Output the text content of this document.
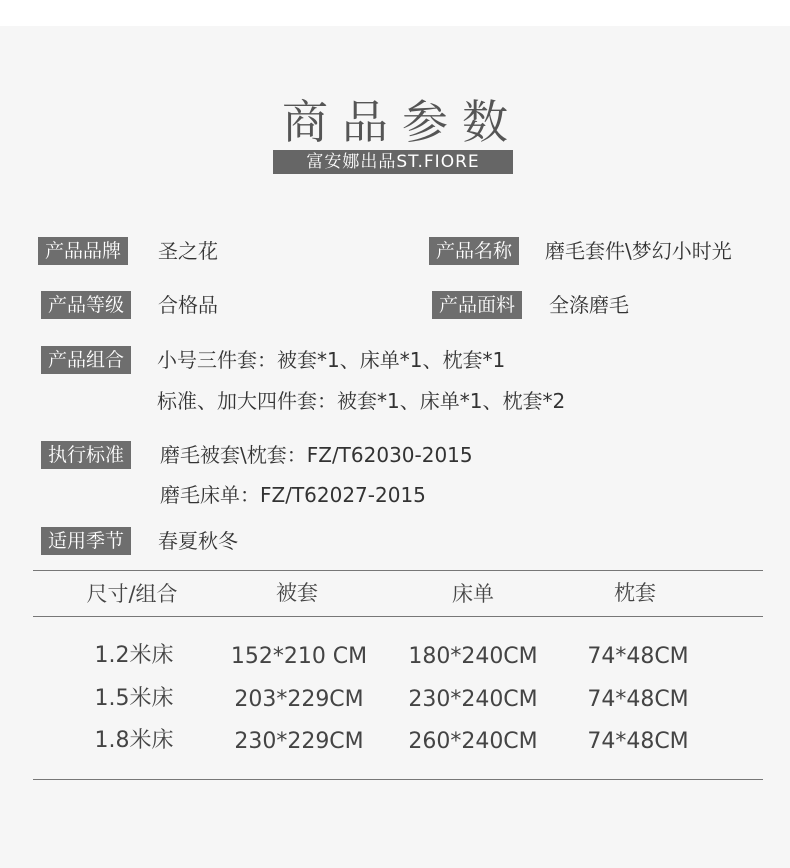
商品参数
富安娜出品ST.FIORE
产品品牌	圣之花	产品名称	磨毛套件\梦幻小时光
产品等级	合格品	产品面料	全涤磨毛
产品组合	小号三件套：被套*1、床单*1、枕套*1
标准、加大四件套：被套*1、床单*1、枕套*2
执行标准	磨毛被套\枕套：FZ/T62030-2015
磨毛床单：FZ/T62027-2015
适用季节	春夏秋冬
尺寸/组合	被套	床单	枕套
1.2米床	152*210 CM	180*240CM	74*48CM
1.5米床	203*229CM	230*240CM	74*48CM
1.8米床	230*229CM	260*240CM	74*48CM
